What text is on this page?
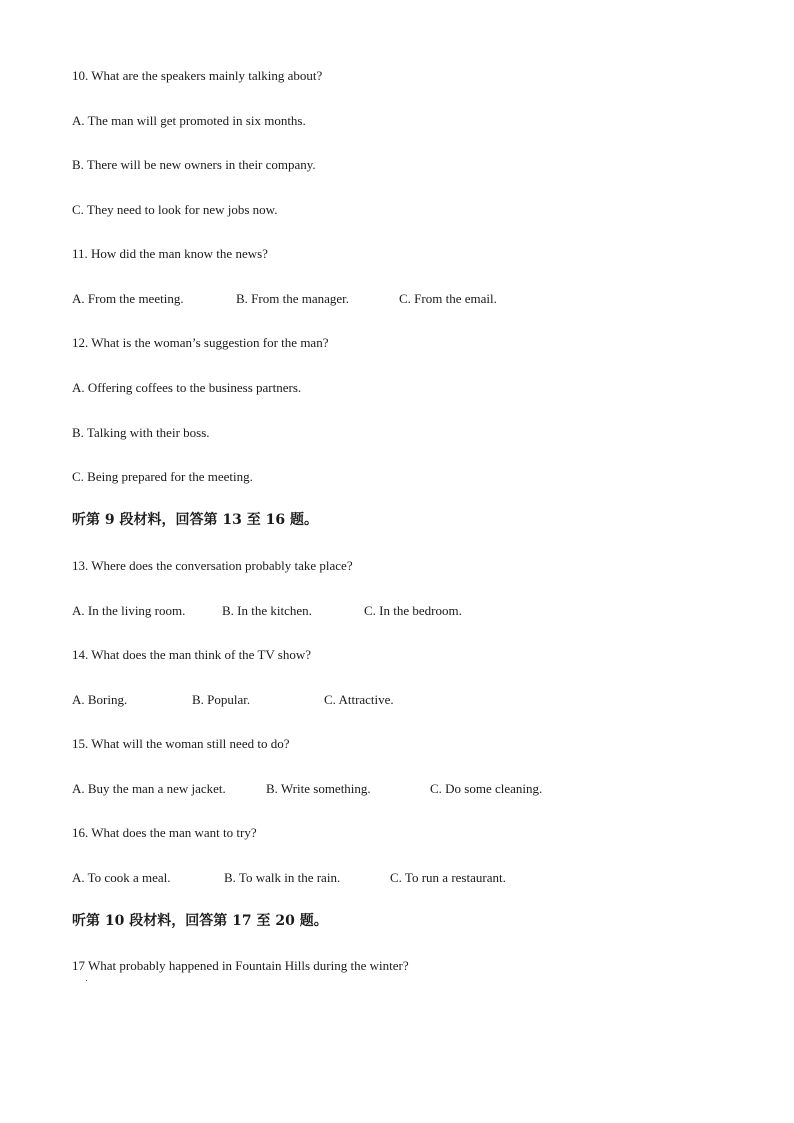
10. What are the speakers mainly talking about?
A. The man will get promoted in six months.
B. There will be new owners in their company.
C. They need to look for new jobs now.
11. How did the man know the news?
A. From the meeting.	B. From the manager.	C. From the email.
12. What is the woman’s suggestion for the man?
A. Offering coffees to the business partners.
B. Talking with their boss.
C. Being prepared for the meeting.
听第 9 段材料，回答第 13 至 16 题。
13. Where does the conversation probably take place?
A. In the living room.	B. In the kitchen.	C. In the bedroom.
14. What does the man think of the TV show?
A. Boring.	B. Popular.	C. Attractive.
15. What will the woman still need to do?
A. Buy the man a new jacket.	B. Write something.	C. Do some cleaning.
16. What does the man want to try?
A. To cook a meal.	B. To walk in the rain.	C. To run a restaurant.
听第 10 段材料，回答第 17 至 20 题。
17 What probably happened in Fountain Hills during the winter?
